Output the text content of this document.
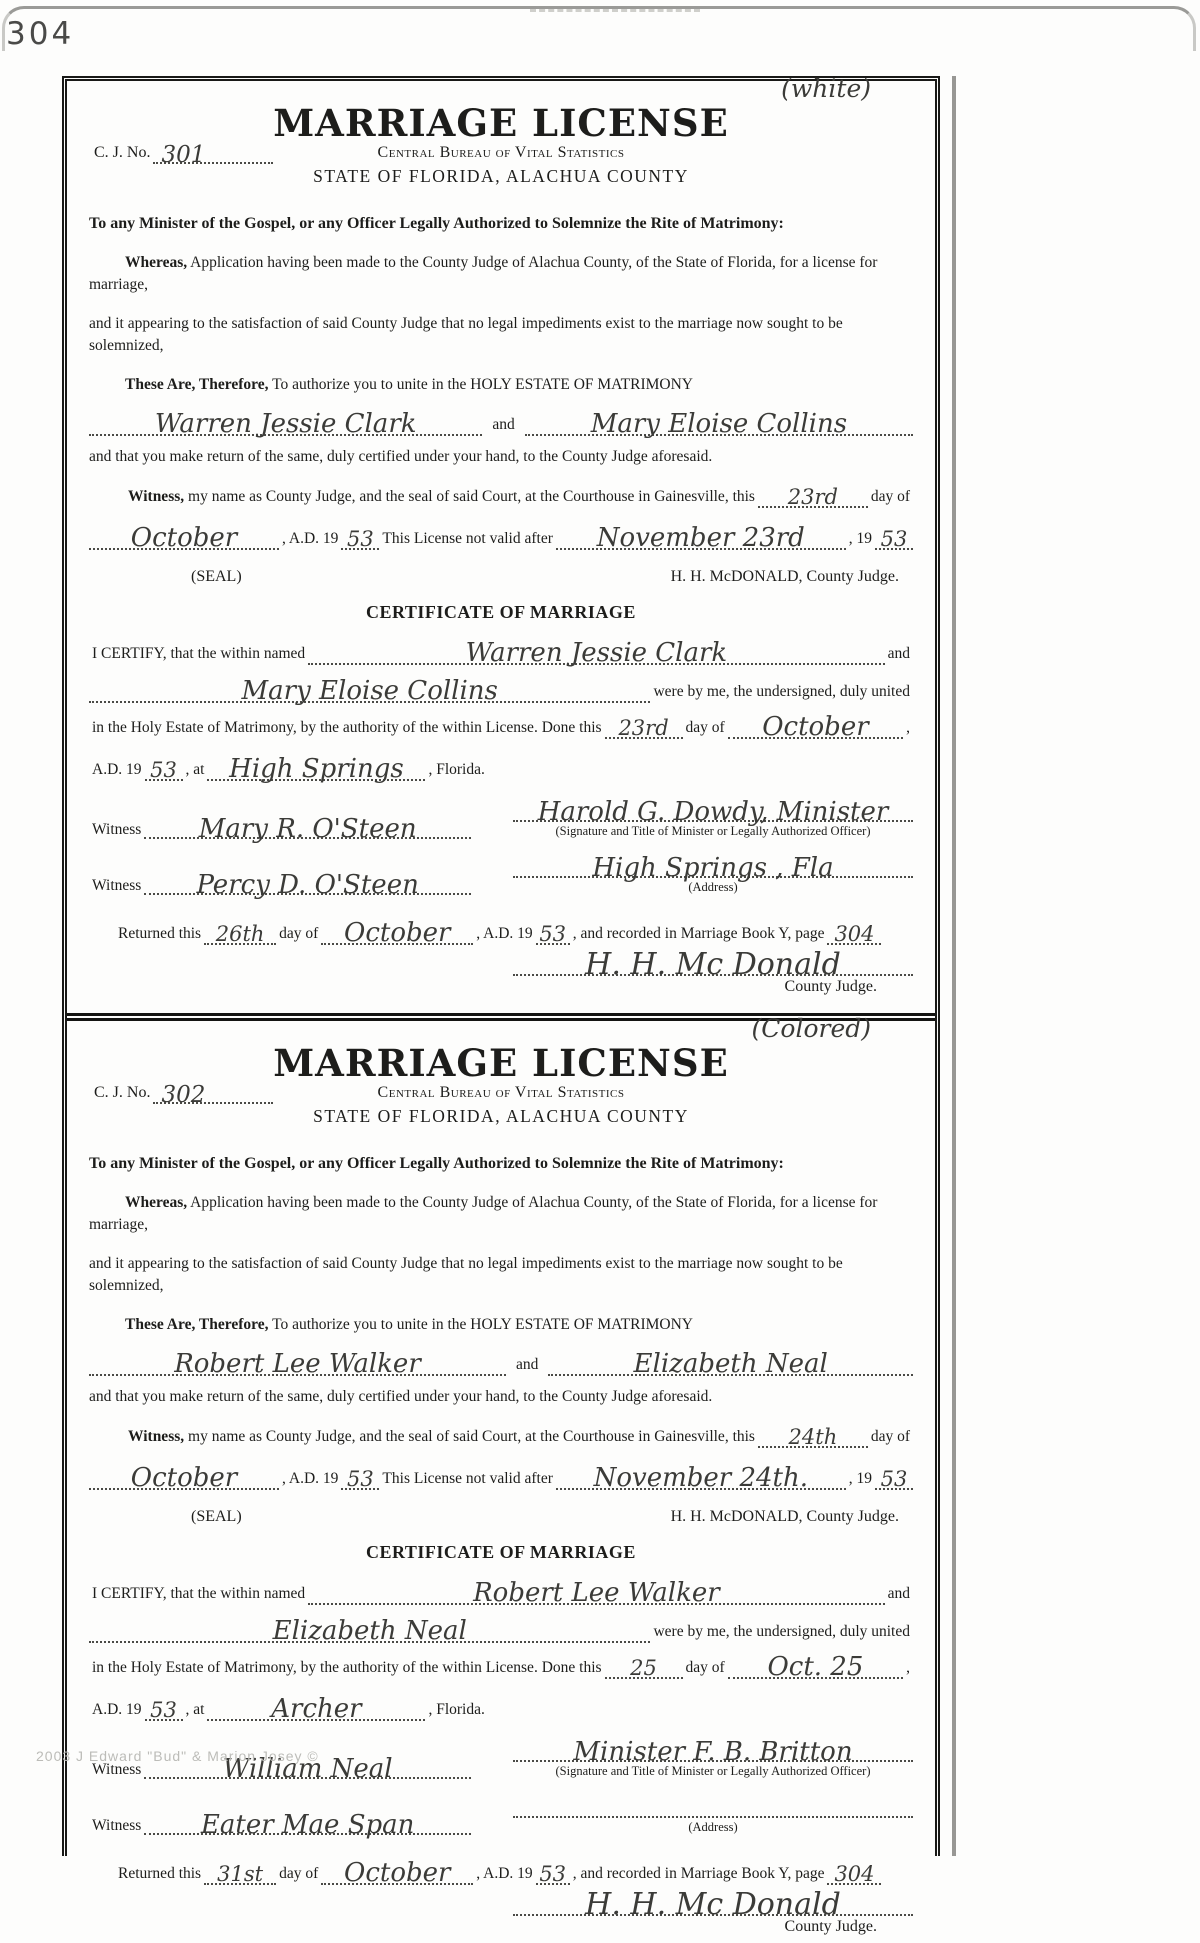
304
2003 J Edward "Bud" & Marion Josey ©
(white)
C. J. No. 301
MARRIAGE LICENSE
Central Bureau of Vital Statistics
STATE OF FLORIDA, ALACHUA COUNTY

To any Minister of the Gospel, or any Officer Legally Authorized to Solemnize the Rite of Matrimony:

Whereas, Application having been made to the County Judge of Alachua County, of the State of Florida, for a license for marriage,

and it appearing to the satisfaction of said County Judge that no legal impediments exist to the marriage now sought to be solemnized,

These Are, Therefore, To authorize you to unite in the HOLY ESTATE OF MATRIMONY

Warren Jessie Clark	and	Mary Eloise Collins

and that you make return of the same, duly certified under your hand, to the County Judge aforesaid.

Witness, my name as County Judge, and the seal of said Court, at the Courthouse in Gainesville, this	23rd	day of
October	, A.D. 19 53 This License not valid after	November 23rd	, 19 53
(SEAL)	H. H. McDONALD, County Judge.
CERTIFICATE OF MARRIAGE
I CERTIFY, that the within named	Warren Jessie Clark	and
Mary Eloise Collins	were by me, the undersigned, duly united
in the Holy Estate of Matrimony, by the authority of the within License. Done this 23rd	day of	October	,
A.D. 19 53 , at High Springs	, Florida.
Witness	Mary R. O'Steen
Harold G. Dowdy, Minister
(Signature and Title of Minister or Legally Authorized Officer)
Witness	Percy D. O'Steen
High Springs , Fla
(Address)
Returned this 26th day of October	, A.D. 19 53 , and recorded in Marriage Book Y, page 304
H. H. Mc Donald
County Judge.
(Colored)
C. J. No. 302
MARRIAGE LICENSE
Central Bureau of Vital Statistics
STATE OF FLORIDA, ALACHUA COUNTY

To any Minister of the Gospel, or any Officer Legally Authorized to Solemnize the Rite of Matrimony:

Whereas, Application having been made to the County Judge of Alachua County, of the State of Florida, for a license for marriage,

and it appearing to the satisfaction of said County Judge that no legal impediments exist to the marriage now sought to be solemnized,

These Are, Therefore, To authorize you to unite in the HOLY ESTATE OF MATRIMONY

Robert Lee Walker	and	Elizabeth Neal

and that you make return of the same, duly certified under your hand, to the County Judge aforesaid.

Witness, my name as County Judge, and the seal of said Court, at the Courthouse in Gainesville, this	24th	day of
October	, A.D. 19 53 This License not valid after	November 24th.	, 19 53
(SEAL)	H. H. McDONALD, County Judge.
CERTIFICATE OF MARRIAGE
I CERTIFY, that the within named	Robert Lee Walker	and
Elizabeth Neal	were by me, the undersigned, duly united
in the Holy Estate of Matrimony, by the authority of the within License. Done this	25	day of	Oct. 25	,
A.D. 19 53 , at	Archer	, Florida.
Witness	William Neal
Minister F. B. Britton
(Signature and Title of Minister or Legally Authorized Officer)
Witness	Eater Mae Span	(Address)
Returned this 31st	day of October	, A.D. 19 53 , and recorded in Marriage Book Y, page 304
H. H. Mc Donald
County Judge.
